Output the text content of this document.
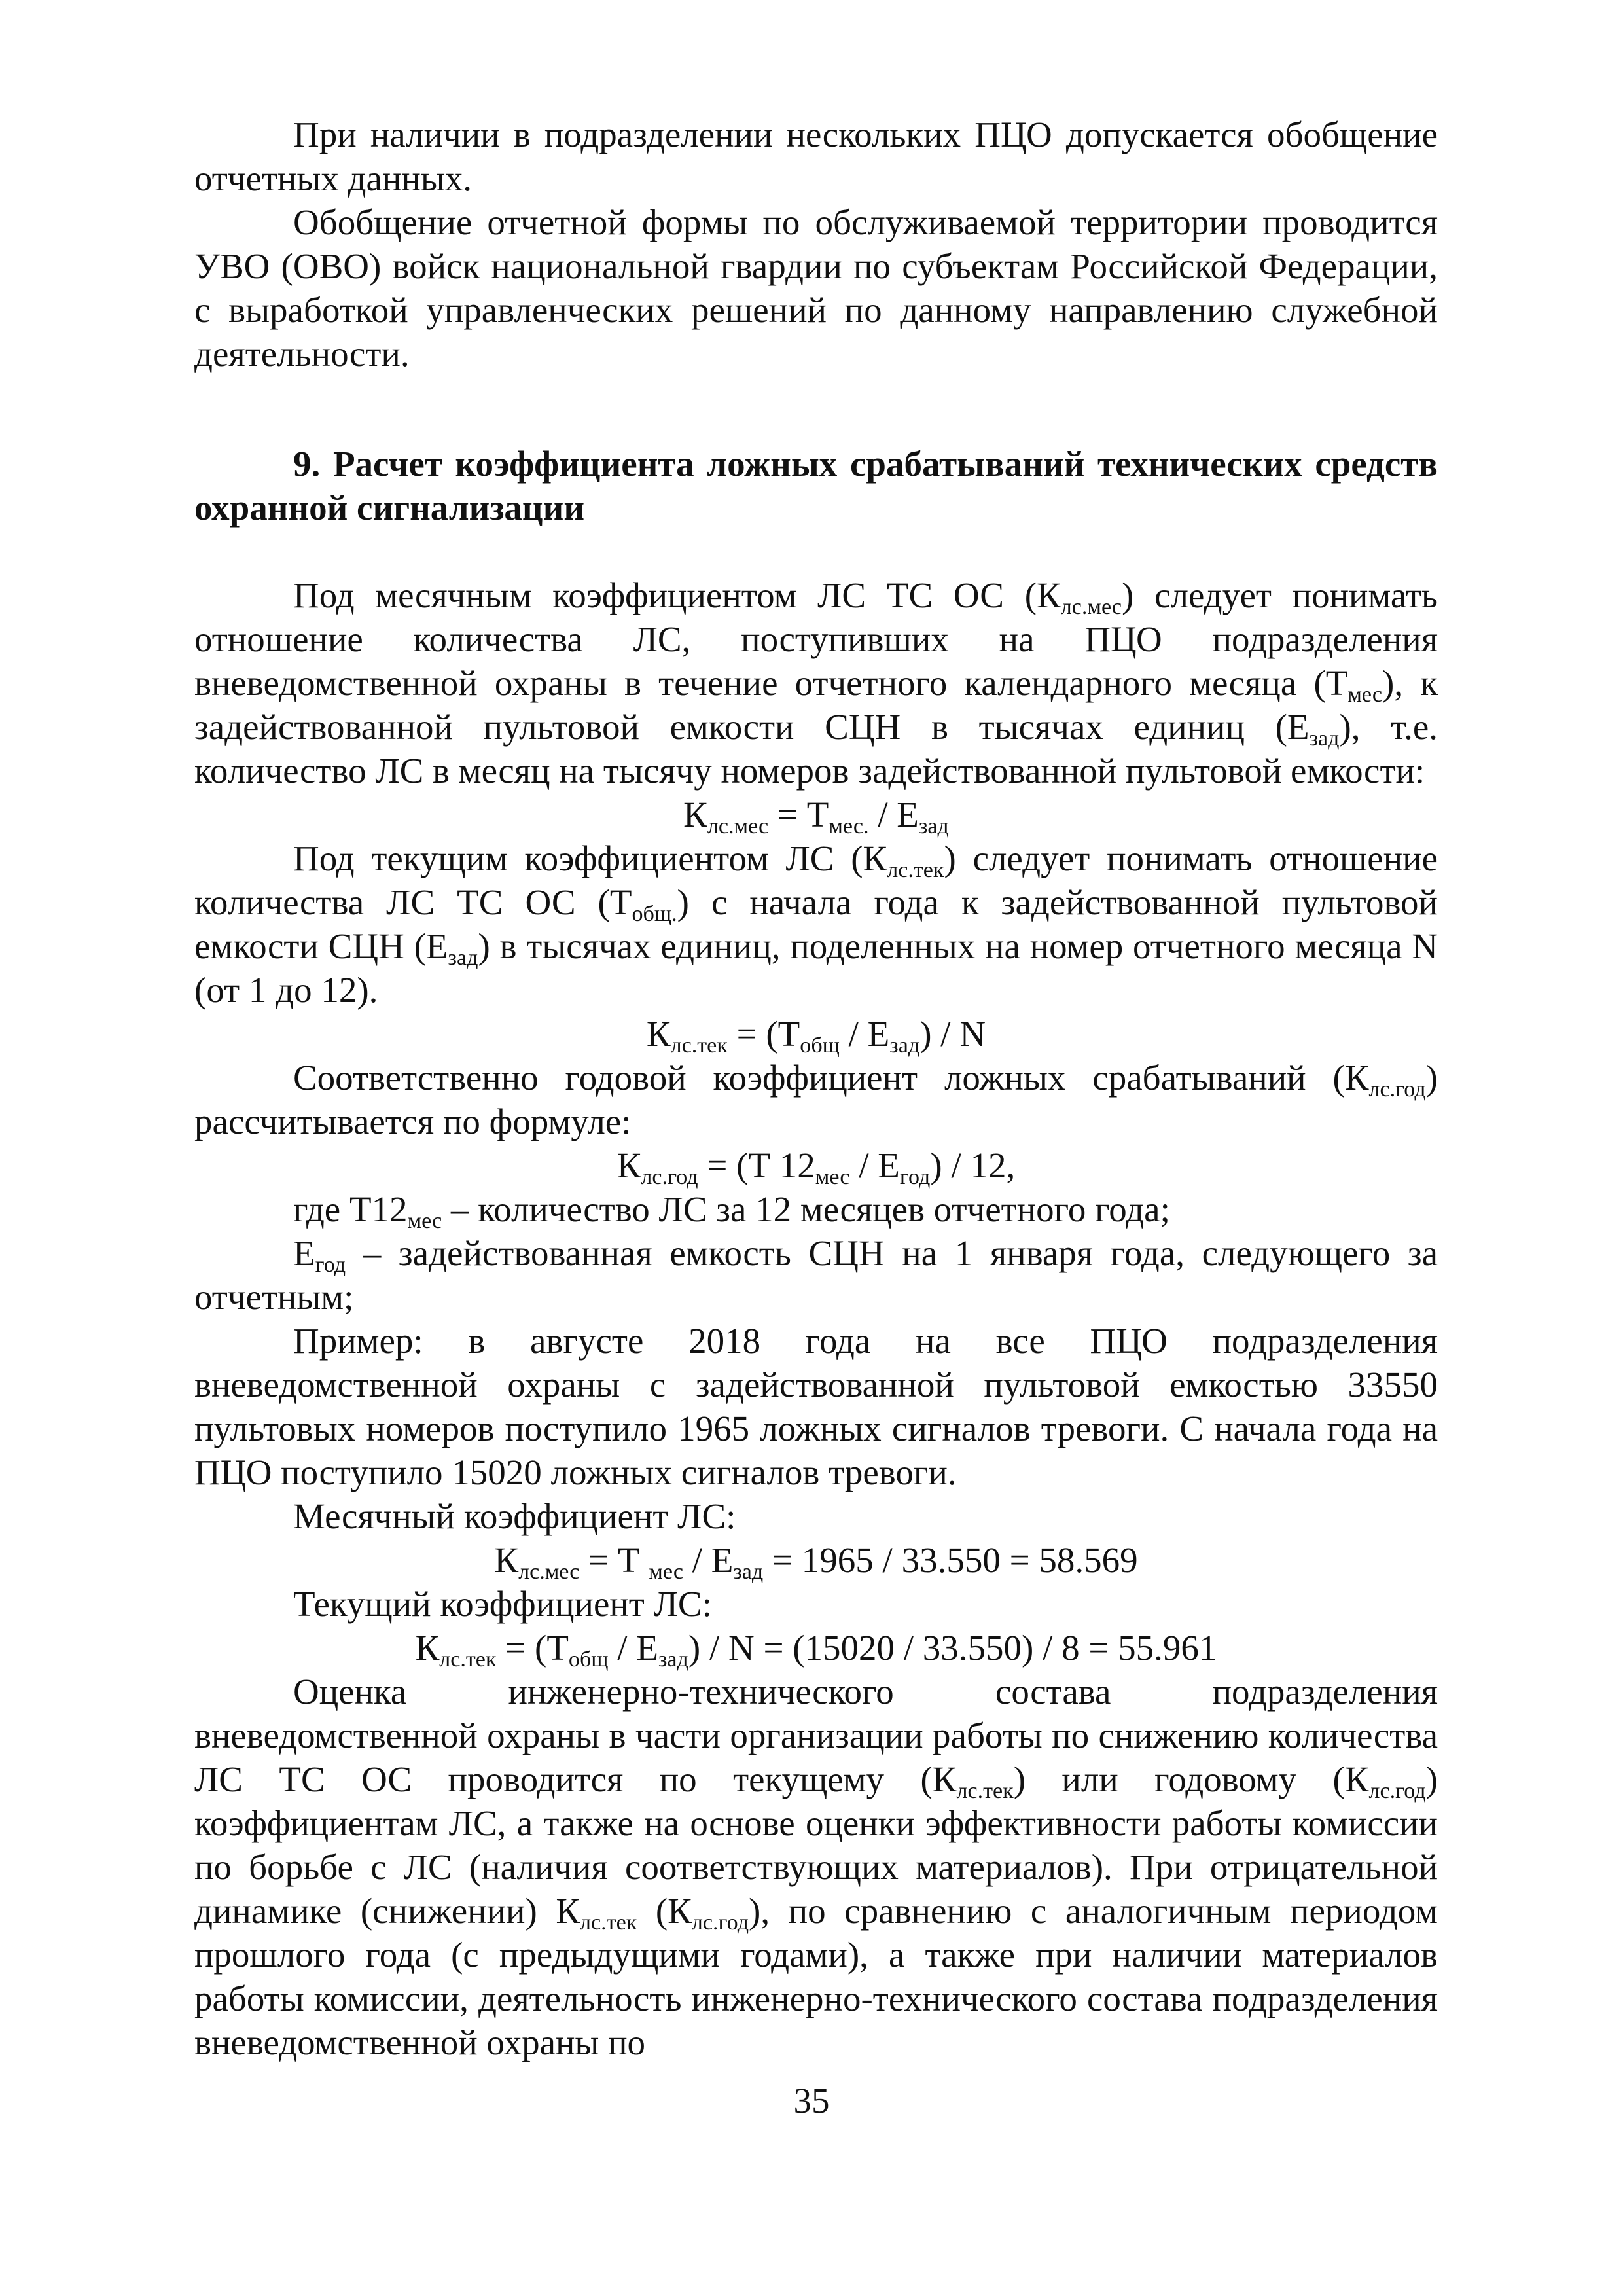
При наличии в подразделении нескольких ПЦО допускается обобщение отчетных данных.

Обобщение отчетной формы по обслуживаемой территории проводится УВО (ОВО) войск национальной гвардии по субъектам Российской Федерации, с выработкой управленческих решений по данному направлению служебной деятельности.

9. Расчет коэффициента ложных срабатываний технических средств охранной сигнализации

Под месячным коэффициентом ЛС ТС ОС $(К_{лс.мес})$ следует понимать отношение количества ЛС, поступивших на ПЦО подразделения вневедомственной охраны в течение отчетного календарного месяца $(Т_{мес})$, к задействованной пультовой емкости СЦН в тысячах единиц $(Е_{зад})$, т.е. количество ЛС в месяц на тысячу номеров задействованной пультовой емкости:

$К_{лс.мес} = Т_{мес.} / Е_{зад}$

Под текущим коэффициентом ЛС $(К_{лс.тек})$ следует понимать отношение количества ЛС ТС ОС $(Т_{общ.})$ с начала года к задействованной пультовой емкости СЦН $(Е_{зад})$ в тысячах единиц, поделенных на номер отчетного месяца N (от 1 до 12).

$К_{лс.тек} = (Т_{общ} / Е_{зад}) / N$

Соответственно годовой коэффициент ложных срабатываний $(К_{лс.год})$ рассчитывается по формуле:

$К_{лс.год} = (Т$ $12_{мес} / Е_{год}) / 12$,

где $Т12_{мес}$ – количество ЛС за 12 месяцев отчетного года;

$Е_{год}$ – задействованная емкость СЦН на 1 января года, следующего за отчетным;

Пример: в августе 2018 года на все ПЦО подразделения вневедомственной охраны с задействованной пультовой емкостью 33550 пультовых номеров поступило 1965 ложных сигналов тревоги. С начала года на ПЦО поступило 15020 ложных сигналов тревоги.

Месячный коэффициент ЛС:

$К_{лс.мес} = Т$ $_{мес} / Е_{зад} = 1965 / 33.550 = 58.569$

Текущий коэффициент ЛС:

$К_{лс.тек} = (Т_{общ} / Е_{зад}) / N = (15020 / 33.550) / 8 = 55.961$

Оценка инженерно-технического состава подразделения вневедомственной охраны в части организации работы по снижению количества ЛС ТС ОС проводится по текущему $(К_{лс.тек})$ или годовому $(К_{лс.год})$ коэффициентам ЛС, а также на основе оценки эффективности работы комиссии по борьбе с ЛС (наличия соответствующих материалов). При отрицательной динамике (снижении) $К_{лс.тек}$ $(К_{лс.год})$, по сравнению с аналогичным периодом прошлого года (с предыдущими годами), а также при наличии материалов работы комиссии, деятельность инженерно-технического состава подразделения вневедомственной охраны по

35
